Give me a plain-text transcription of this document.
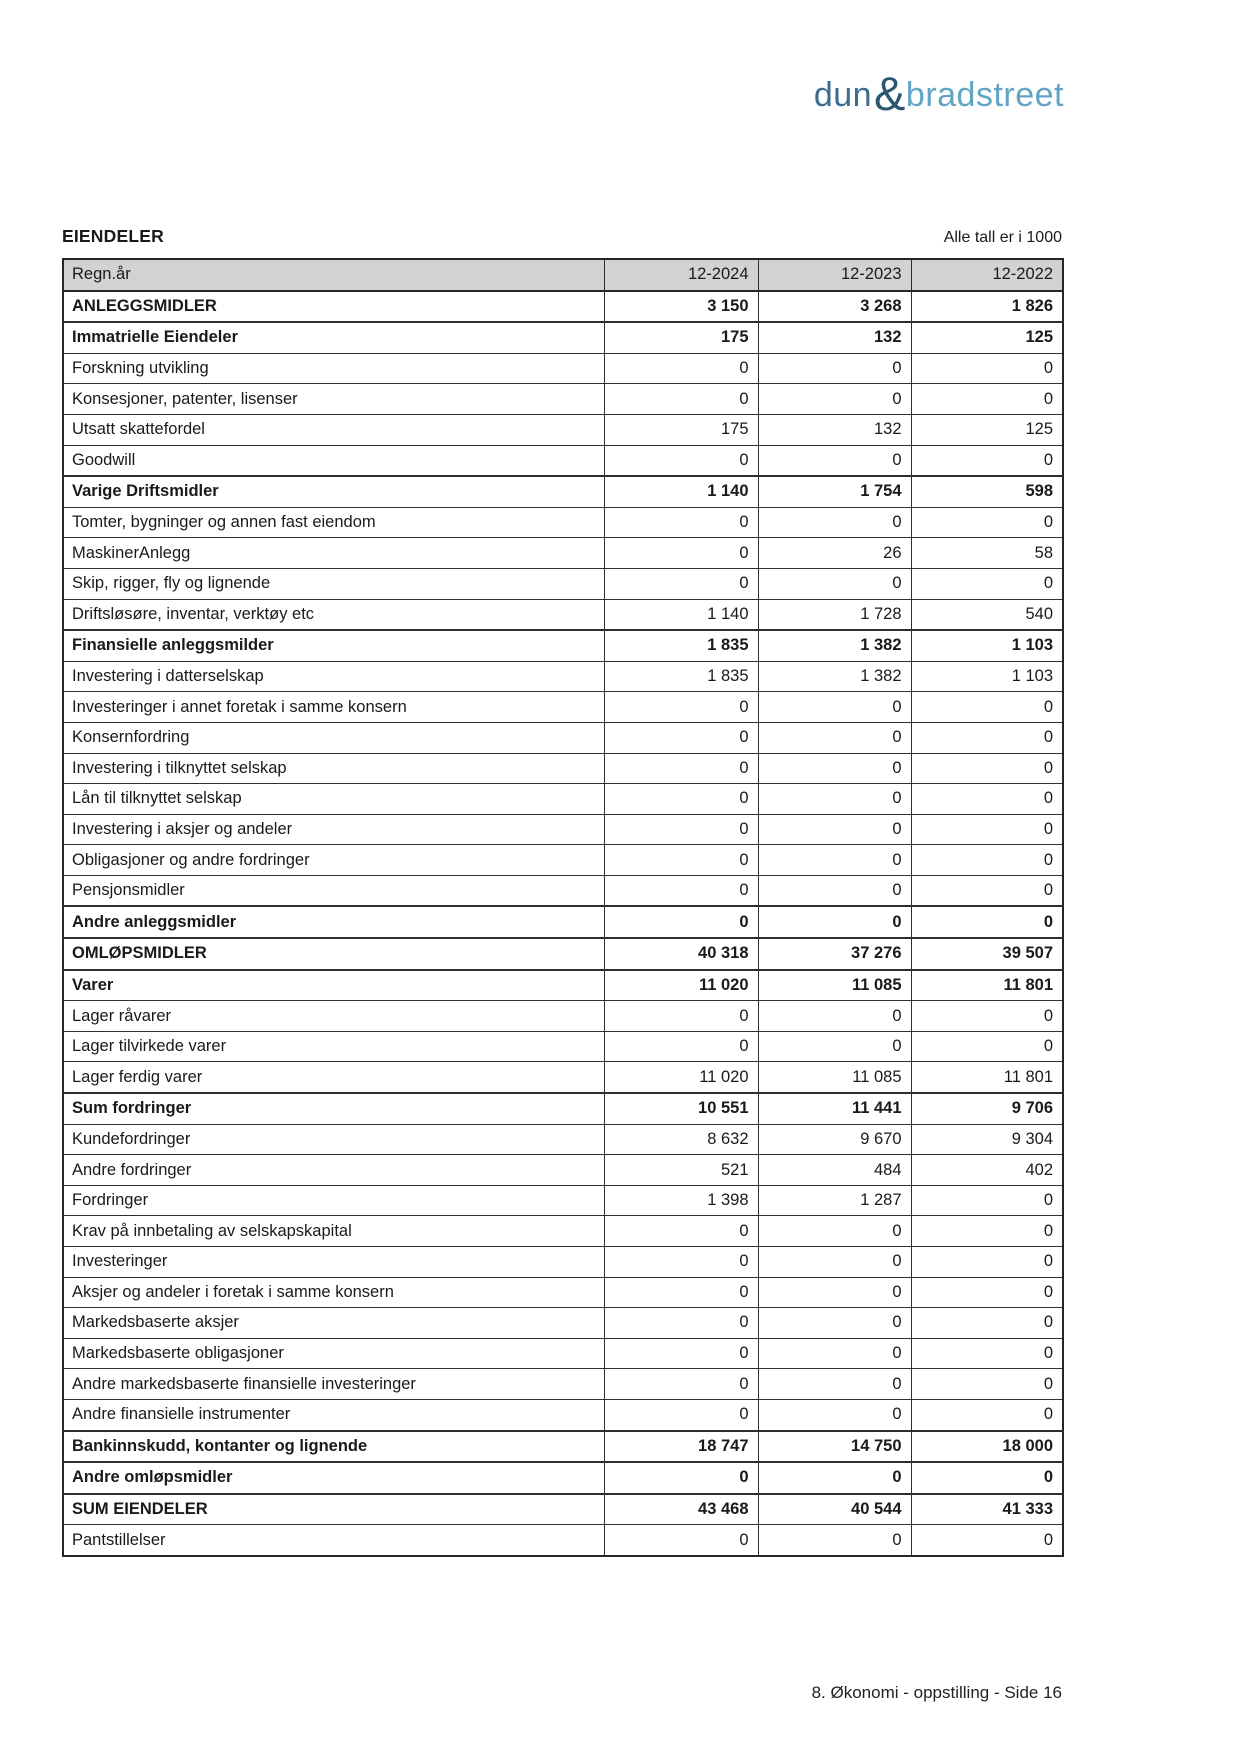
dun & bradstreet
EIENDELER	Alle tall er i 1000
Regn.år	12-2024	12-2023	12-2022
ANLEGGSMIDLER	3 150	3 268	1 826
Immatrielle Eiendeler	175	132	125
Forskning utvikling	0	0	0
Konsesjoner, patenter, lisenser	0	0	0
Utsatt skattefordel	175	132	125
Goodwill	0	0	0
Varige Driftsmidler	1 140	1 754	598
Tomter, bygninger og annen fast eiendom	0	0	0
MaskinerAnlegg	0	26	58
Skip, rigger, fly og lignende	0	0	0
Driftsløsøre, inventar, verktøy etc	1 140	1 728	540
Finansielle anleggsmilder	1 835	1 382	1 103
Investering i datterselskap	1 835	1 382	1 103
Investeringer i annet foretak i samme konsern	0	0	0
Konsernfordring	0	0	0
Investering i tilknyttet selskap	0	0	0
Lån til tilknyttet selskap	0	0	0
Investering i aksjer og andeler	0	0	0
Obligasjoner og andre fordringer	0	0	0
Pensjonsmidler	0	0	0
Andre anleggsmidler	0	0	0
OMLØPSMIDLER	40 318	37 276	39 507
Varer	11 020	11 085	11 801
Lager råvarer	0	0	0
Lager tilvirkede varer	0	0	0
Lager ferdig varer	11 020	11 085	11 801
Sum fordringer	10 551	11 441	9 706
Kundefordringer	8 632	9 670	9 304
Andre fordringer	521	484	402
Fordringer	1 398	1 287	0
Krav på innbetaling av selskapskapital	0	0	0
Investeringer	0	0	0
Aksjer og andeler i foretak i samme konsern	0	0	0
Markedsbaserte aksjer	0	0	0
Markedsbaserte obligasjoner	0	0	0
Andre markedsbaserte finansielle investeringer	0	0	0
Andre finansielle instrumenter	0	0	0
Bankinnskudd, kontanter og lignende	18 747	14 750	18 000
Andre omløpsmidler	0	0	0
SUM EIENDELER	43 468	40 544	41 333
Pantstillelser	0	0	0
8. Økonomi - oppstilling - Side 16
